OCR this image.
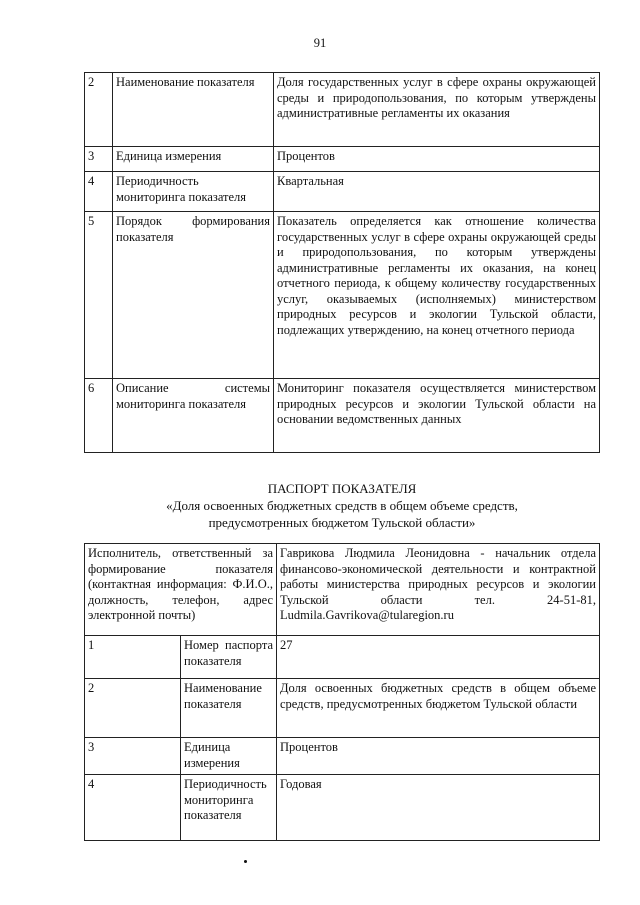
91
2	Наименование показателя	Доля государственных услуг в сфере охраны окружающей среды и природопользования, по которым утверждены административные регламенты их оказания
3	Единица измерения	Процентов
4	Периодичность мониторинга показателя	Квартальная
5	Порядок формирования показателя	Показатель определяется как отношение количества государственных услуг в сфере охраны окружающей среды и природопользования, по которым утверждены административные регламенты их оказания, на конец отчетного периода, к общему количеству государственных услуг, оказываемых (исполняемых) министерством природных ресурсов и экологии Тульской области, подлежащих утверждению, на конец отчетного периода
6	Описание системы мониторинга показателя	Мониторинг показателя осуществляется министерством природных ресурсов и экологии Тульской области на основании ведомственных данных
ПАСПОРТ ПОКАЗАТЕЛЯ
«Доля освоенных бюджетных средств в общем объеме средств,
предусмотренных бюджетом Тульской области»
Исполнитель, ответственный за формирование показателя (контактная информация: Ф.И.О., должность, телефон, адрес электронной почты)		Гаврикова Людмила Леонидовна - начальник отдела финансово-экономической деятельности и контрактной работы министерства природных ресурсов и экологии Тульской области тел. 24-51-81, Ludmila.Gavrikova@tularegion.ru
1	Номер паспорта показателя	27
2	Наименование показателя	Доля освоенных бюджетных средств в общем объеме средств, предусмотренных бюджетом Тульской области
3	Единица измерения	Процентов
4	Периодичность мониторинга показателя	Годовая
